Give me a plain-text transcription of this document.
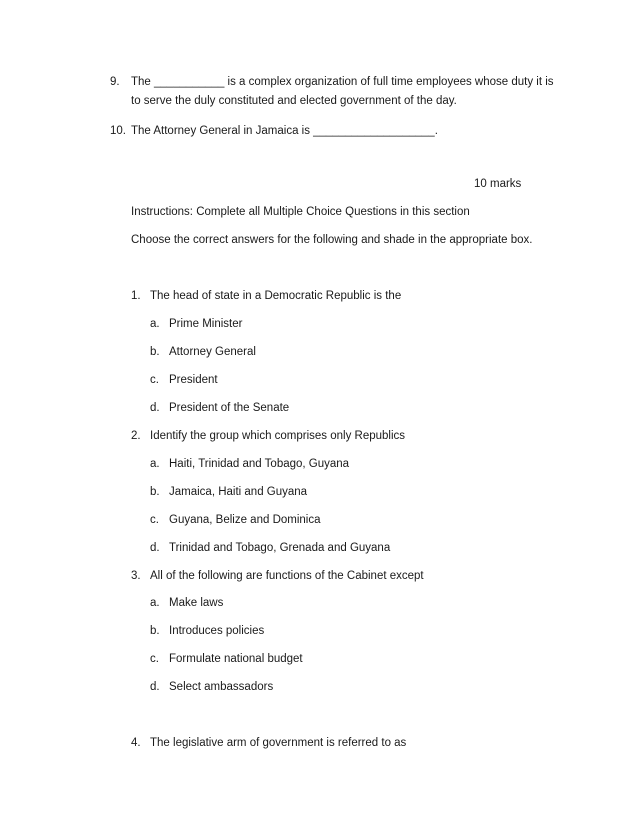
9. The ___________ is a complex organization of full time employees whose duty it is
to serve the duly constituted and elected government of the day.
10. The Attorney General in Jamaica is ___________________.
10 marks
Instructions: Complete all Multiple Choice Questions in this section
Choose the correct answers for the following and shade in the appropriate box.
1. The head of state in a Democratic Republic is the
a. Prime Minister
b. Attorney General
c. President
d. President of the Senate
2. Identify the group which comprises only Republics
a. Haiti, Trinidad and Tobago, Guyana
b. Jamaica, Haiti and Guyana
c. Guyana, Belize and Dominica
d. Trinidad and Tobago, Grenada and Guyana
3. All of the following are functions of the Cabinet except
a. Make laws
b. Introduces policies
c. Formulate national budget
d. Select ambassadors
4. The legislative arm of government is referred to as
